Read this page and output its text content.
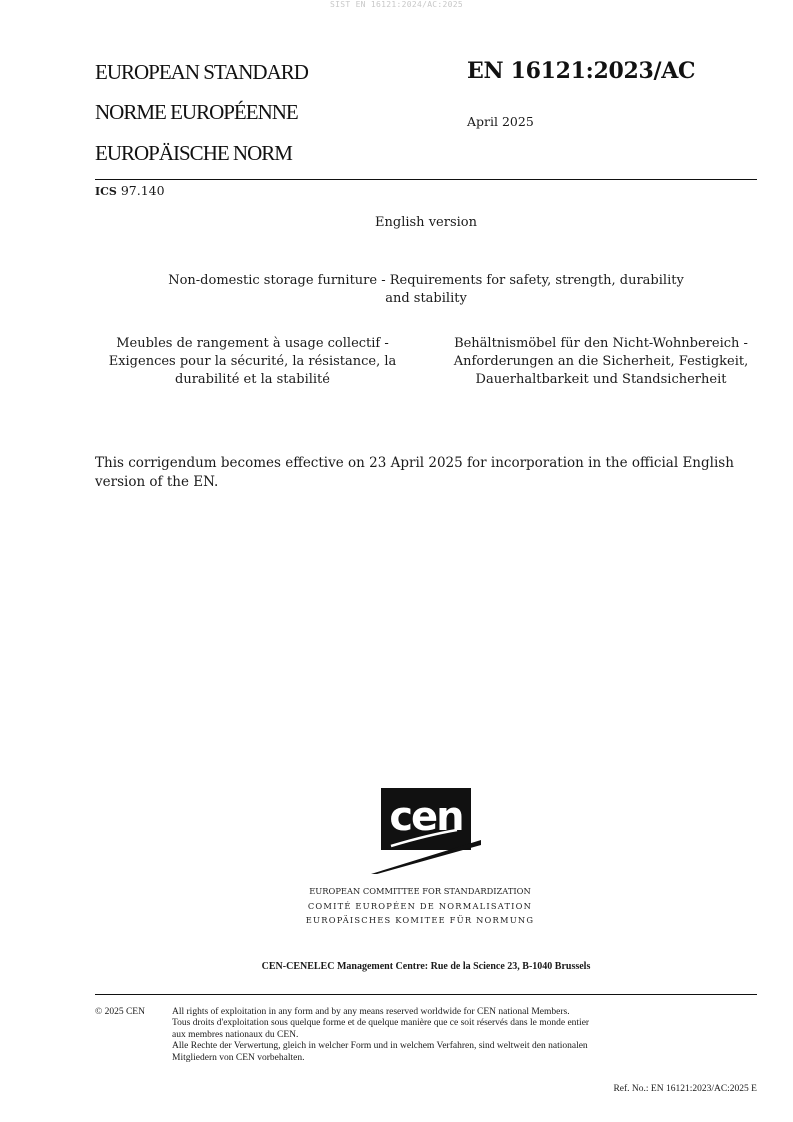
SIST EN 16121:2024/AC:2025
EUROPEAN STANDARD
NORME EUROPÉENNE
EUROPÄISCHE NORM
EN 16121:2023/AC
April 2025
ICS 97.140
English version
Non-domestic storage furniture - Requirements for safety, strength, durability
and stability
Meubles de rangement à usage collectif -
Exigences pour la sécurité, la résistance, la
durabilité et la stabilité
Behältnismöbel für den Nicht-Wohnbereich -
Anforderungen an die Sicherheit, Festigkeit,
Dauerhaltbarkeit und Standsicherheit
This corrigendum becomes effective on 23 April 2025 for incorporation in the official English version of the EN.
cen
EUROPEAN COMMITTEE FOR STANDARDIZATION
COMITÉ EUROPÉEN DE NORMALISATION
EUROPÄISCHES KOMITEE FÜR NORMUNG
CEN-CENELEC Management Centre: Rue de la Science 23, B-1040 Brussels
© 2025 CEN	All rights of exploitation in any form and by any means reserved worldwide for CEN national Members.
Tous droits d'exploitation sous quelque forme et de quelque manière que ce soit réservés dans le monde entier
aux membres nationaux du CEN.
Alle Rechte der Verwertung, gleich in welcher Form und in welchem Verfahren, sind weltweit den nationalen
Mitgliedern von CEN vorbehalten.
Ref. No.: EN 16121:2023/AC:2025 E
